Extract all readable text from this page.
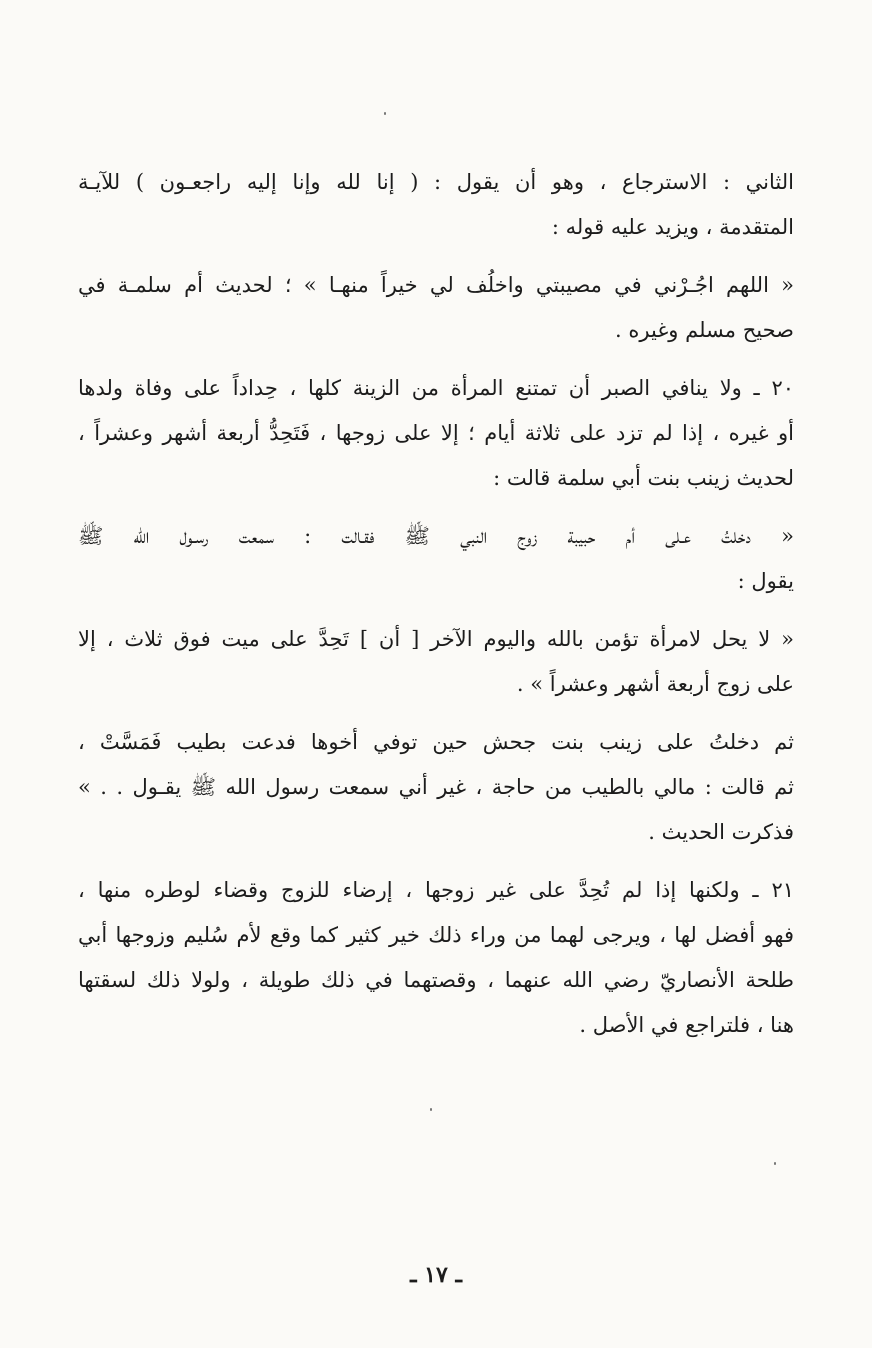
الثاني : الاسترجاع ، وهو أن يقول : ( إنا لله وإنا إليه راجعـون ) للآيـة
المتقدمة ، ويزيد عليه قوله :
« اللهم اجُـرْني في مصيبتي واخلُف لي خيراً منهـا » ؛ لحديث أم سلمـة في
صحيح مسلم وغيره .
٢٠ ـ ولا ينافي الصبر أن تمتنع المرأة من الزينة كلها ، حِداداً على وفاة ولدها
أو غيره ، إذا لم تزد على ثلاثة أيام ؛ إلا على زوجها ، فَتَحِدُّ أربعة أشهر وعشراً ،
لحديث زينب بنت أبي سلمة قالت :
« دخلتُ عـلى أم حبيبة زوج النبي ﷺ فقـالت : سمعت رسـول الله ﷺ
يقول :
« لا يحل لامرأة تؤمن بالله واليوم الآخر [ أن ] تَحِدَّ على ميت فوق ثلاث ، إلا
على زوج أربعة أشهر وعشراً » .
ثم دخلتُ على زينب بنت جحش حين توفي أخوها فدعت بطيب فَمَسَّتْ ،
ثم قالت : مالي بالطيب من حاجة ، غير أني سمعت رسول الله ﷺ يقـول . . »
فذكرت الحديث .
٢١ ـ ولكنها إذا لم تُحِدَّ على غير زوجها ، إرضاء للزوج وقضاء لوطره منها ،
فهو أفضل لها ، ويرجى لهما من وراء ذلك خير كثير كما وقع لأم سُليم وزوجها أبي
طلحة الأنصاريّ رضي الله عنهما ، وقصتهما في ذلك طويلة ، ولولا ذلك لسقتها
هنا ، فلتراجع في الأصل .
ـ ١٧ ـ
